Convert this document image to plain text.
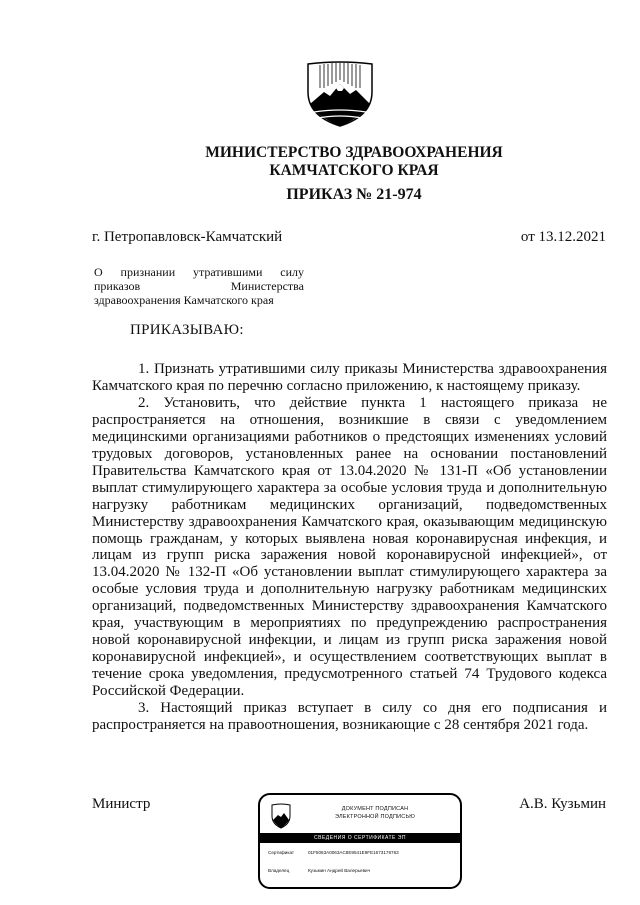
МИНИСТЕРСТВО ЗДРАВООХРАНЕНИЯ
КАМЧАТСКОГО КРАЯ
ПРИКАЗ № 21-974
г. Петропавловск-Камчатский	от 13.12.2021
О признании утратившими силу
приказов Министерства
здравоохранения Камчатского края
ПРИКАЗЫВАЮ:

1. Признать утратившими силу приказы Министерства здравоохранения Камчатского края по перечню согласно приложению, к настоящему приказу.

2. Установить, что действие пункта 1 настоящего приказа не распространяется на отношения, возникшие в связи с уведомлением медицинскими организациями работников о предстоящих изменениях условий трудовых договоров, установленных ранее на основании постановлений Правительства Камчатского края от 13.04.2020 № 131-П «Об установлении выплат стимулирующего характера за особые условия труда и дополнительную нагрузку работникам медицинских организаций, подведомственных Министерству здравоохранения Камчатского края, оказывающим медицинскую помощь гражданам, у которых выявлена новая коронавирусная инфекция, и лицам из групп риска заражения новой коронавирусной инфекцией», от 13.04.2020 № 132-П «Об установлении выплат стимулирующего характера за особые условия труда и дополнительную нагрузку работникам медицинских организаций, подведомственных Министерству здравоохранения Камчатского края, участвующим в мероприятиях по предупреждению распространения новой коронавирусной инфекции, и лицам из групп риска заражения новой коронавирусной инфекцией», и осуществлением соответствующих выплат в течение срока уведомления, предусмотренного статьей 74 Трудового кодекса Российской Федерации.

3. Настоящий приказ вступает в силу со дня его подписания и распространяется на правоотношения, возникающие с 28 сентября 2021 года.

Министр	А.В. Кузьмин
ДОКУМЕНТ ПОДПИСАН
ЭЛЕКТРОННОЙ ПОДПИСЬЮ
СВЕДЕНИЯ О СЕРТИФИКАТЕ ЭП
Сертификат	01F5063A0063AC8E9541E9FE1673178763
Владелец	Кузьмин Андрей Валерьевич
